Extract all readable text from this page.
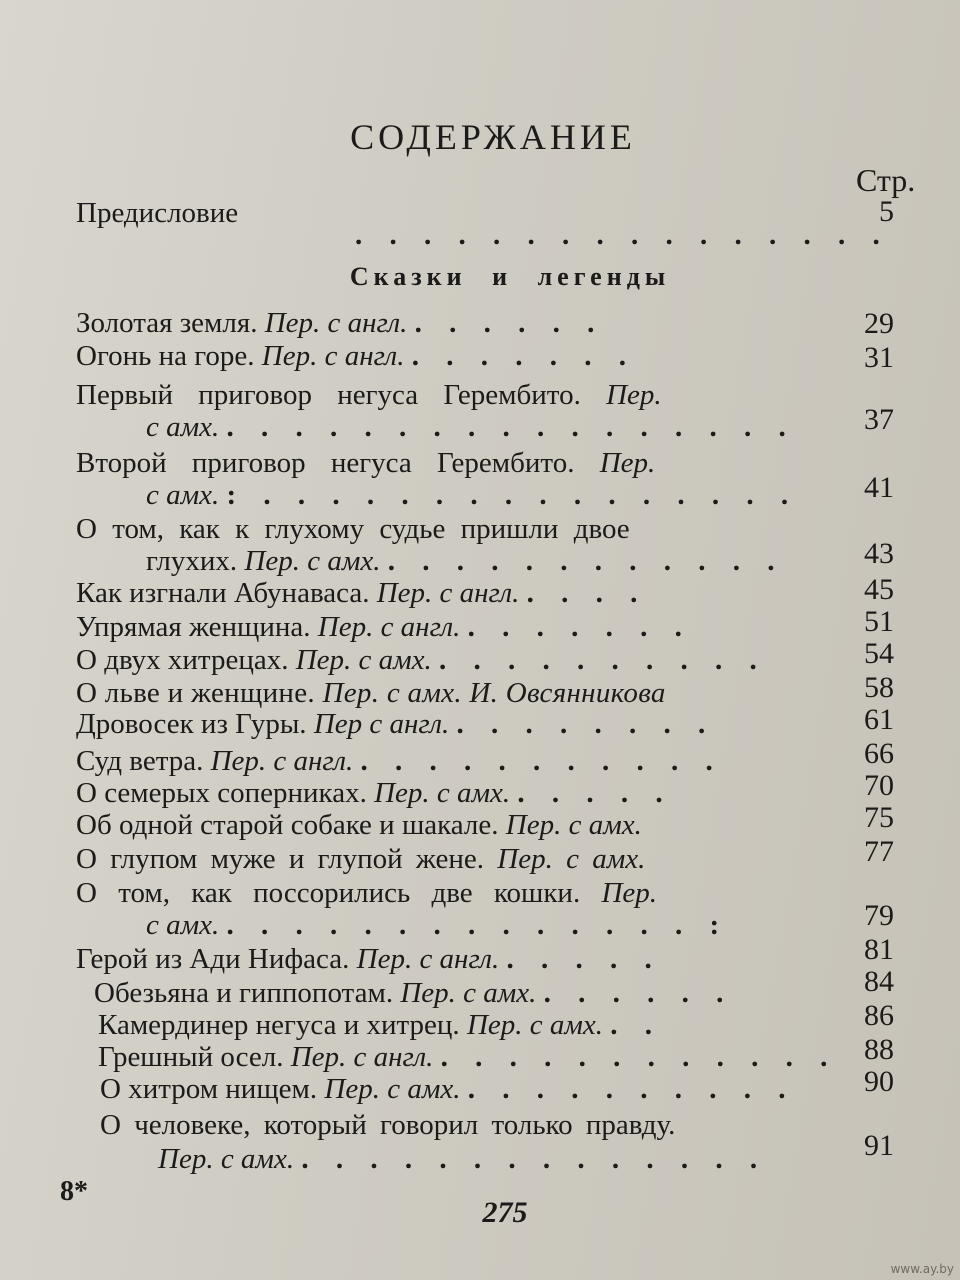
СОДЕРЖАНИЕ
Стр.
Предисловие
. . . . . . . . . . . . . . . .
5
Сказки и легенды
Золотая земля. Пер. с англ. . . . . . .	29
Огонь на горе. Пер. с англ. . . . . . . .	31
Первый приговор негуса Герембито. Пер.
с амх. . . . . . . . . . . . . . . . . . 37
Второй приговор негуса Герембито. Пер.
с амх. : . . . . . . . . . . . . . . . . 41
О том, как к глухому судье пришли двое
глухих. Пер. с амх. . . . . . . . . . . . .	43
Как изгнали Абунаваса. Пер. с англ. . . . .	45
Упрямая женщина. Пер. с англ. . . . . . . .	51
О двух хитрецах. Пер. с амх. . . . . . . . . . .	54
О льве и женщине. Пер. с амх. И. Овсянникова	58
Дровосек из Гуры. Пер с англ. . . . . . . . .	61
Суд ветра. Пер. с англ. . . . . . . . . . . .	66
О семерых соперниках. Пер. с амх. . . . . .	70
Об одной старой собаке и шакале. Пер. с амх.	75
О глупом муже и глупой жене. Пер. с амх.	77
О том, как поссорились две кошки. Пер.
с амх. . . . . . . . . . . . . . . :	79
Герой из Ади Нифаса. Пер. с англ. . . . . .	81
Обезьяна и гиппопотам. Пер. с амх. . . . . . .	84
Камердинер негуса и хитрец. Пер. с амх. . .	86
Грешный осел. Пер. с англ. . . . . . . . . . . . . 88
О хитром нищем. Пер. с амх. . . . . . . . . . . 90
О человеке, который говорил только правду.
Пер. с амх. . . . . . . . . . . . . . .	91
8*
275
www.ay.by
